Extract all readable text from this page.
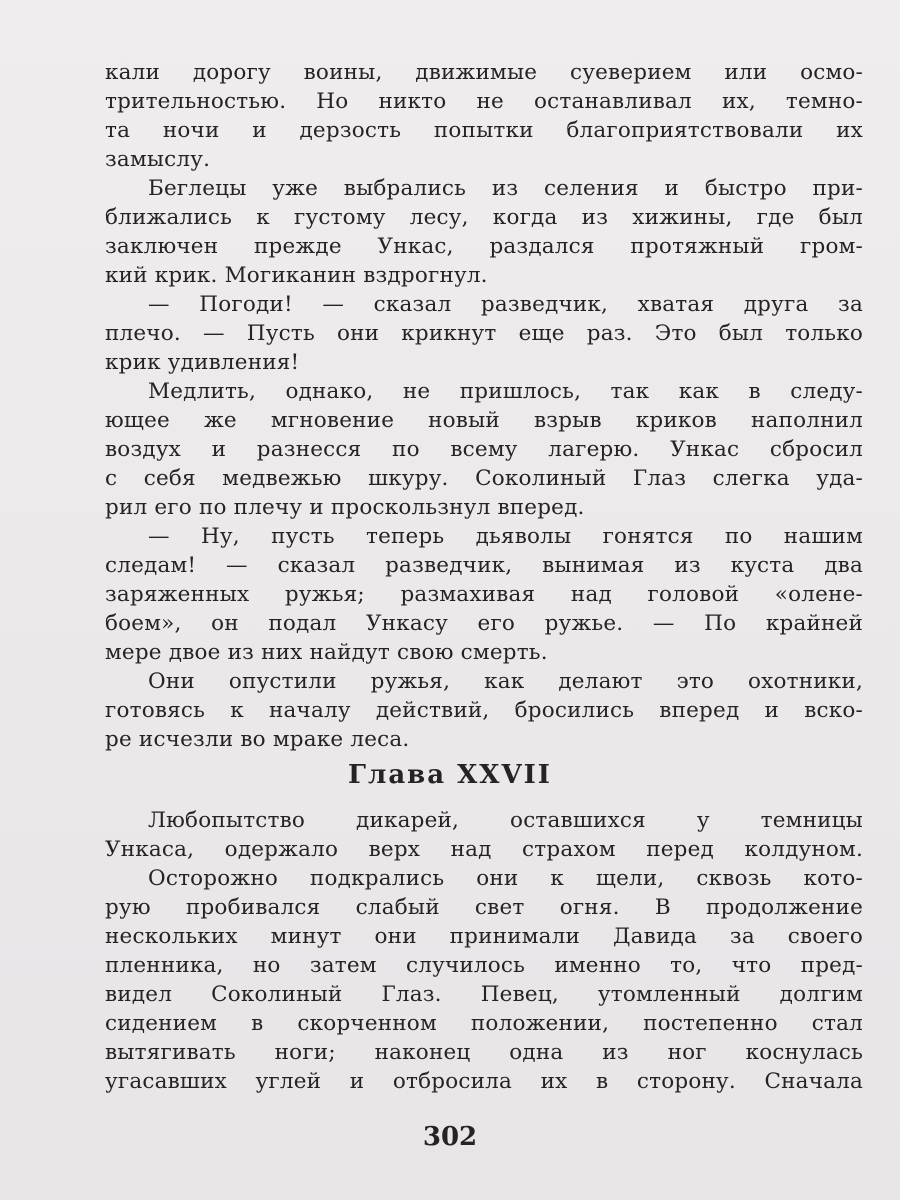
кали дорогу воины, движимые суеверием или осмо-
трительностью. Но никто не останавливал их, темно-
та ночи и дерзость попытки благоприятствовали их
замыслу.
Беглецы уже выбрались из селения и быстро при-
ближались к густому лесу, когда из хижины, где был
заключен прежде Ункас, раздался протяжный гром-
кий крик. Могиканин вздрогнул.
— Погоди! — сказал разведчик, хватая друга за
плечо. — Пусть они крикнут еще раз. Это был только
крик удивления!
Медлить, однако, не пришлось, так как в следу-
ющее же мгновение новый взрыв криков наполнил
воздух и разнесся по всему лагерю. Ункас сбросил
с себя медвежью шкуру. Соколиный Глаз слегка уда-
рил его по плечу и проскользнул вперед.
— Ну, пусть теперь дьяволы гонятся по нашим
следам! — сказал разведчик, вынимая из куста два
заряженных ружья; размахивая над головой «олене-
боем», он подал Ункасу его ружье. — По крайней
мере двое из них найдут свою смерть.
Они опустили ружья, как делают это охотники,
готовясь к началу действий, бросились вперед и вско-
ре исчезли во мраке леса.
Глава XXVII
Любопытство дикарей, оставшихся у темницы
Ункаса, одержало верх над страхом перед колдуном.
Осторожно подкрались они к щели, сквозь кото-
рую пробивался слабый свет огня. В продолжение
нескольких минут они принимали Давида за своего
пленника, но затем случилось именно то, что пред-
видел Соколиный Глаз. Певец, утомленный долгим
сидением в скорченном положении, постепенно стал
вытягивать ноги; наконец одна из ног коснулась
угасавших углей и отбросила их в сторону. Сначала
302
